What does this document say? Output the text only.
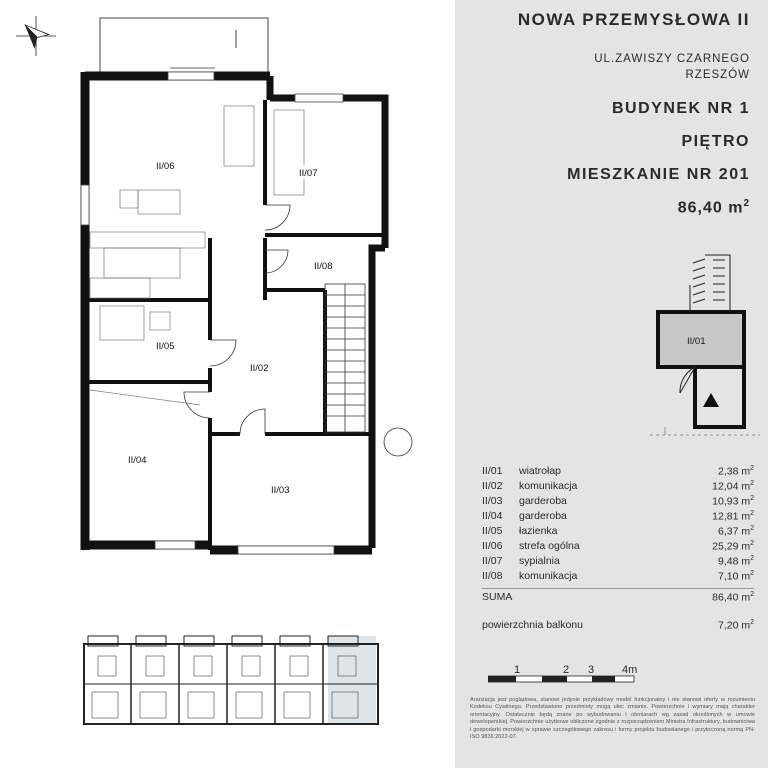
NOWA PRZEMYSŁOWA II
UL.ZAWISZY CZARNEGO
RZESZÓW
BUDYNEK NR 1
PIĘTRO
MIESZKANIE NR 201
86,40 $m^2$
II/01
II/01 wiatrołap	2,38 $m^2$
II/02 komunikacja	12,04 $m^2$
II/03 garderoba	10,93 $m^2$
II/04 garderoba	12,81 $m^2$
II/05 łazienka	6,37 $m^2$
II/06 strefa ogólna	25,29 $m^2$
II/07 sypialnia	9,48 $m^2$
II/08 komunikacja	7,10 $m^2$
SUMA	86,40 $m^2$
powierzchnia balkonu	7,20 $m^2$
1	2 3	4m
Aranżacja jest poglądowa, stanowi jedynie przykładowy model funkcjonalny i nie stanowi oferty w rozumieniu Kodeksu Cywilnego. Przedstawione przedmioty mogą ulec zmianie. Powierzchnie i wymiary mają charakter orientacyjny. Ostatecznie będą znane po wybudowaniu i obmiarach wg zasad określonych w umowie deweloperskiej. Powierzchnie użytkowe obliczone zgodnie z rozporządzeniem Ministra Infrastruktury, budownictwa i gospodarki morskiej w sprawie szczegółowego zakresu i formy projektu budowlanego i przytoczoną normą PN-ISO 9836:2022-07.
II/06
II/07
II/08
II/05
II/02
II/04
II/03
